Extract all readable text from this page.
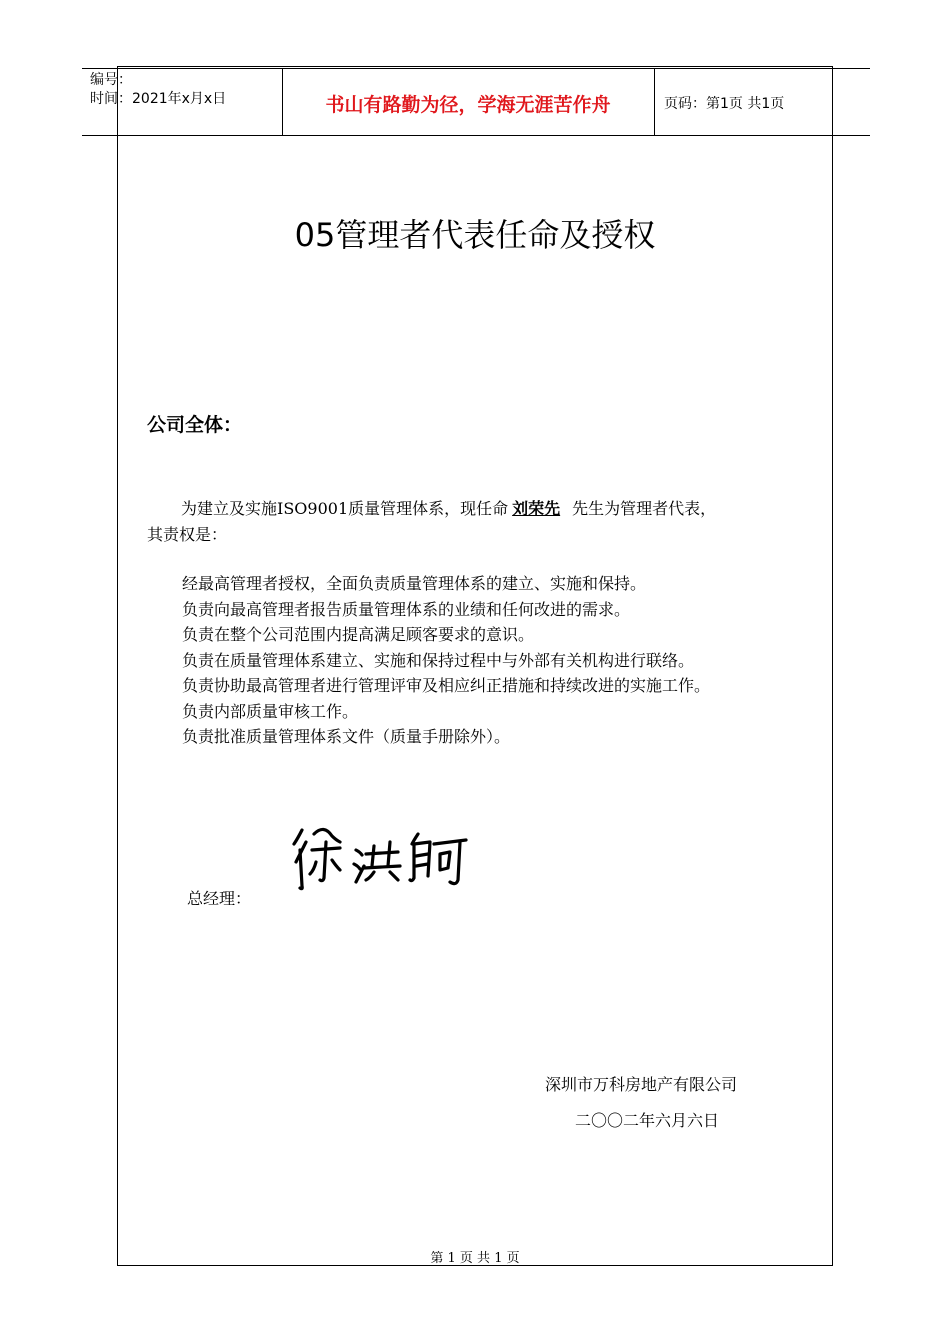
编号：
时间：2021年x月x日	书山有路勤为径，学海无涯苦作舟	页码：第1页 共1页
05管理者代表任命及授权
公司全体：
为建立及实施ISO9001质量管理体系，现任命 刘荣先 先生为管理者代表，
其责权是：
经最高管理者授权，全面负责质量管理体系的建立、实施和保持。
负责向最高管理者报告质量管理体系的业绩和任何改进的需求。
负责在整个公司范围内提高满足顾客要求的意识。
负责在质量管理体系建立、实施和保持过程中与外部有关机构进行联络。
负责协助最高管理者进行管理评审及相应纠正措施和持续改进的实施工作。
负责内部质量审核工作。
负责批准质量管理体系文件（质量手册除外）。
总经理：
深圳市万科房地产有限公司
二〇〇二年六月六日
第 1 页 共 1 页
